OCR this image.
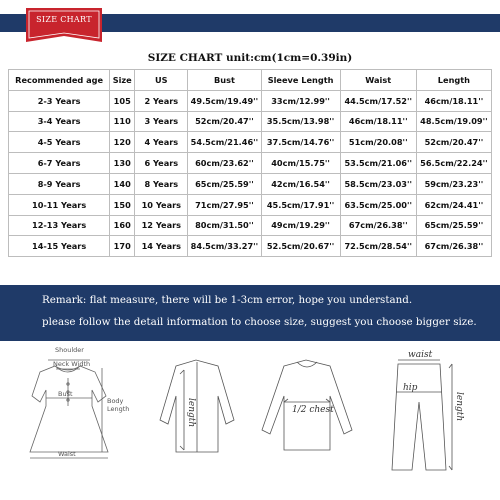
SIZE CHART
SIZE CHART unit:cm(1cm=0.39in)
Recommended age	Size	US	Bust	Sleeve Length	Waist	Length
2-3 Years	105	2 Years	49.5cm/19.49''	33cm/12.99''	44.5cm/17.52''	46cm/18.11''
3-4 Years	110	3 Years	52cm/20.47''	35.5cm/13.98''	46cm/18.11''	48.5cm/19.09''
4-5 Years	120	4 Years	54.5cm/21.46''	37.5cm/14.76''	51cm/20.08''	52cm/20.47''
6-7 Years	130	6 Years	60cm/23.62''	40cm/15.75''	53.5cm/21.06''	56.5cm/22.24''
8-9 Years	140	8 Years	65cm/25.59''	42cm/16.54''	58.5cm/23.03''	59cm/23.23''
10-11 Years	150	10 Years	71cm/27.95''	45.5cm/17.91''	63.5cm/25.00''	62cm/24.41''
12-13 Years	160	12 Years	80cm/31.50''	49cm/19.29''	67cm/26.38''	65cm/25.59''
14-15 Years	170	14 Years	84.5cm/33.27''	52.5cm/20.67''	72.5cm/28.54''	67cm/26.38''
Remark: flat measure, there will be 1-3cm error, hope you understand.
please follow the detail information to choose size, suggest you choose bigger size.
Shoulder
Neck Width
Bust
Body
Length
Waist
length	1/2 chest
waist
hip
length
